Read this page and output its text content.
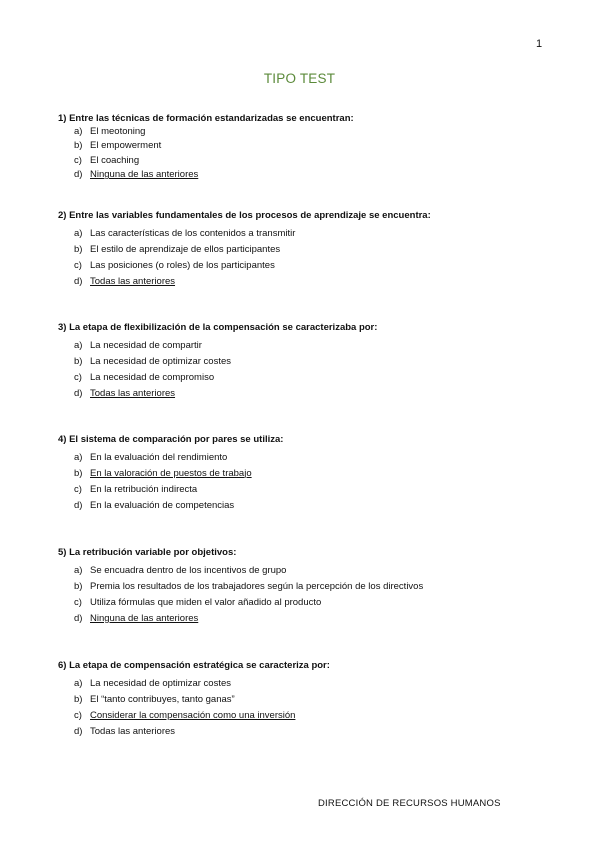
1
TIPO TEST
1) Entre las técnicas de formación estandarizadas se encuentran:
a) El meotoning
b) El empowerment
c) El coaching
d) Ninguna de las anteriores
2) Entre las variables fundamentales de los procesos de aprendizaje se encuentra:
a) Las características de los contenidos a transmitir
b) El estilo de aprendizaje de ellos participantes
c) Las posiciones (o roles) de los participantes
d) Todas las anteriores
3) La etapa de flexibilización de la compensación se caracterizaba por:
a) La necesidad de compartir
b) La necesidad de optimizar costes
c) La necesidad de compromiso
d) Todas las anteriores
4) El sistema de comparación por pares se utiliza:
a) En la evaluación del rendimiento
b) En la valoración de puestos de trabajo
c) En la retribución indirecta
d) En la evaluación de competencias
5) La retribución variable por objetivos:
a) Se encuadra dentro de los incentivos de grupo
b) Premia los resultados de los trabajadores según la percepción de los directivos
c) Utiliza fórmulas que miden el valor añadido al producto
d) Ninguna de las anteriores
6) La etapa de compensación estratégica se caracteriza por:
a) La necesidad de optimizar costes
b) El “tanto contribuyes, tanto ganas”
c) Considerar la compensación como una inversión
d) Todas las anteriores
DIRECCIÓN DE RECURSOS HUMANOS
